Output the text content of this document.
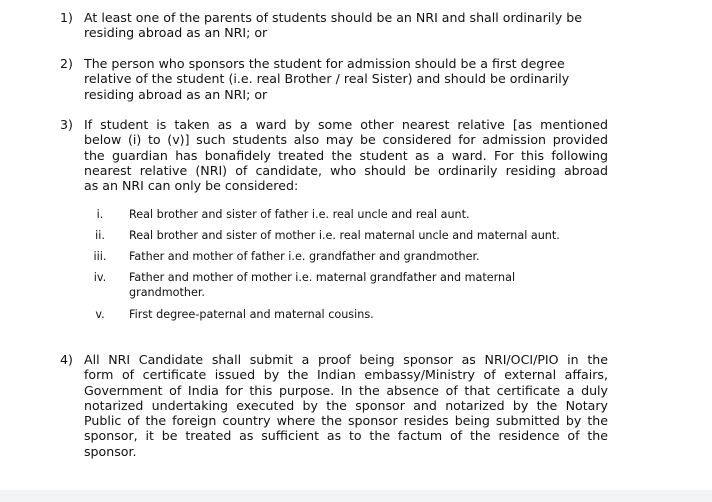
1) At least one of the parents of students should be an NRI and shall ordinarily be
residing abroad as an NRI; or
2) The person who sponsors the student for admission should be a first degree
relative of the student (i.e. real Brother / real Sister) and should be ordinarily
residing abroad as an NRI; or
3) If student is taken as a ward by some other nearest relative [as mentioned
below (i) to (v)] such students also may be considered for admission provided
the guardian has bonafidely treated the student as a ward. For this following
nearest relative (NRI) of candidate, who should be ordinarily residing abroad
as an NRI can only be considered:
i.	Real brother and sister of father i.e. real uncle and real aunt.
ii.	Real brother and sister of mother i.e. real maternal uncle and maternal aunt.
iii.	Father and mother of father i.e. grandfather and grandmother.
iv.	Father and mother of mother i.e. maternal grandfather and maternal
grandmother.
v.	First degree-paternal and maternal cousins.
4) All NRI Candidate shall submit a proof being sponsor as NRI/OCI/PIO in the
form of certificate issued by the Indian embassy/Ministry of external affairs,
Government of India for this purpose. In the absence of that certificate a duly
notarized undertaking executed by the sponsor and notarized by the Notary
Public of the foreign country where the sponsor resides being submitted by the
sponsor, it be treated as sufficient as to the factum of the residence of the
sponsor.
